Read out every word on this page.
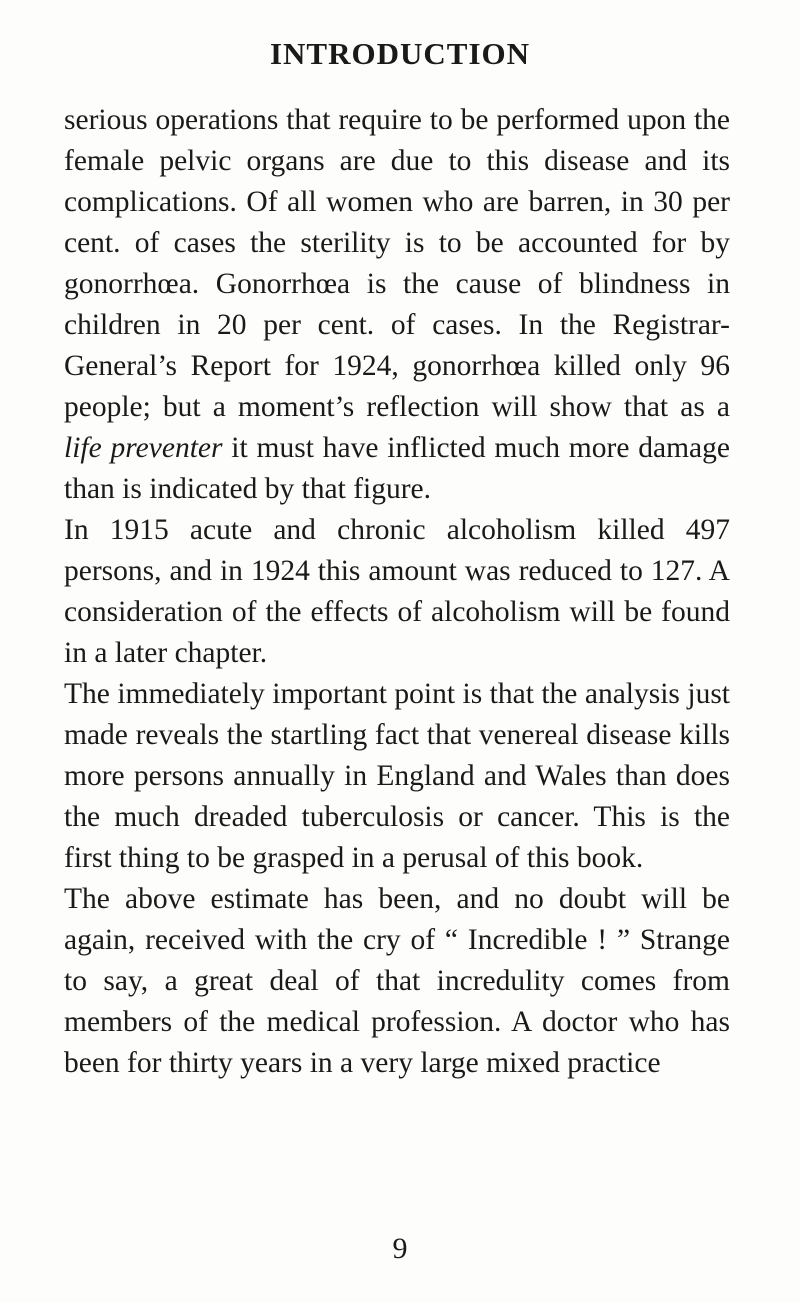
INTRODUCTION

serious operations that require to be performed upon the female pelvic organs are due to this disease and its complications. Of all women who are barren, in 30 per cent. of cases the sterility is to be accounted for by gonorrhœa. Gonorrhœa is the cause of blindness in children in 20 per cent. of cases. In the Registrar-General’s Report for 1924, gonorrhœa killed only 96 people; but a moment’s reflection will show that as a life preventer it must have inflicted much more damage than is indicated by that figure.

In 1915 acute and chronic alcoholism killed 497 persons, and in 1924 this amount was reduced to 127. A consideration of the effects of alcoholism will be found in a later chapter.

The immediately important point is that the analysis just made reveals the startling fact that venereal disease kills more persons annually in England and Wales than does the much dreaded tuberculosis or cancer. This is the first thing to be grasped in a perusal of this book.

The above estimate has been, and no doubt will be again, received with the cry of “ Incredible ! ” Strange to say, a great deal of that incredulity comes from members of the medical profession. A doctor who has been for thirty years in a very large mixed practice

9
